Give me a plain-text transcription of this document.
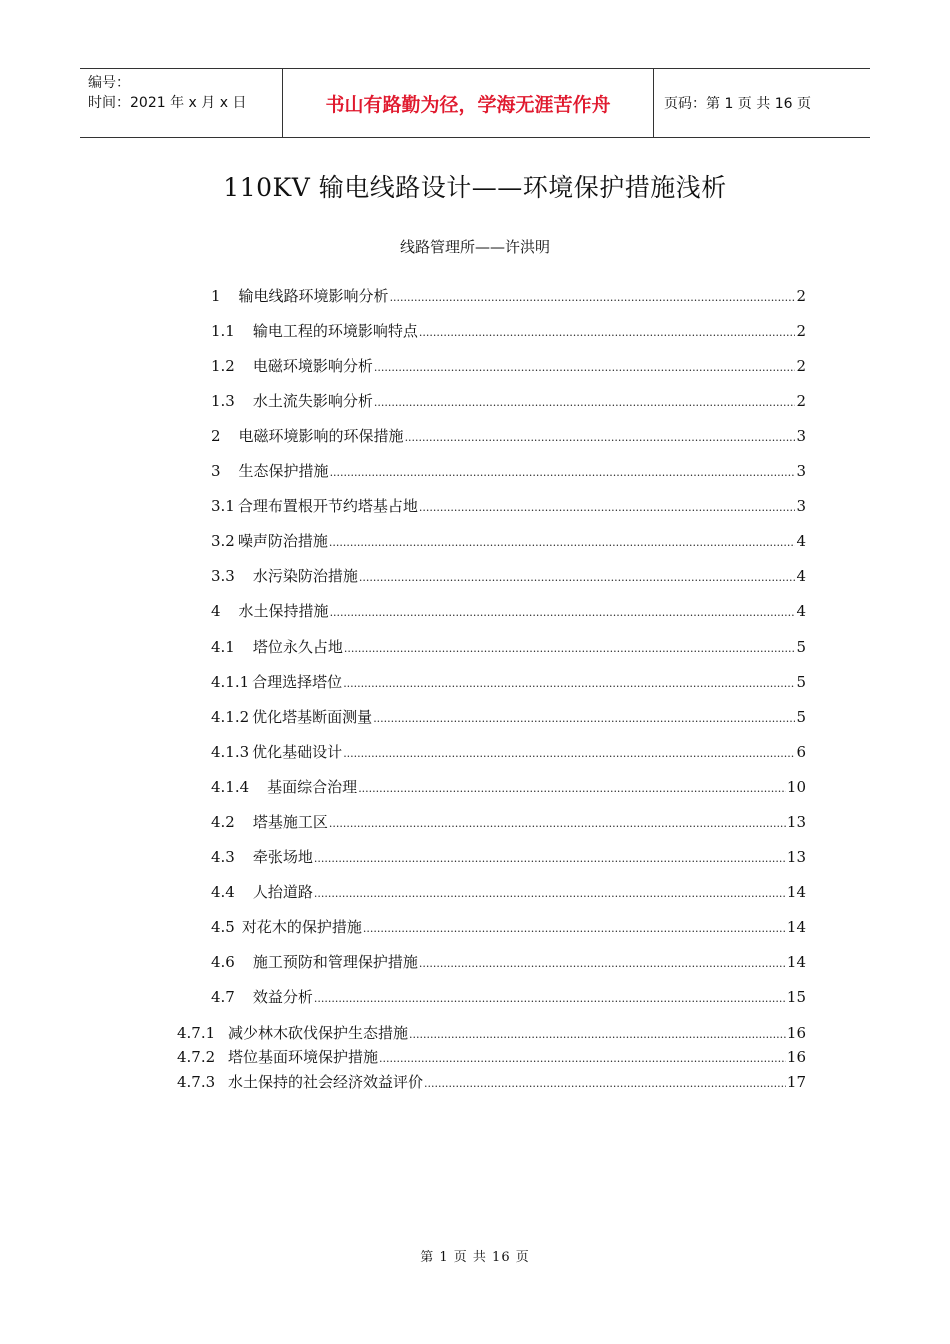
编号：
时间：2021 年 x 月 x 日	书山有路勤为径，学海无涯苦作舟	页码：第 1 页 共 16 页
110KV 输电线路设计——环境保护措施浅析
线路管理所——许洪明
1 输电线路环境影响分析 .....	2
1.1 输电工程的环境影响特点 .....	2
1.2 电磁环境影响分析 .....	2
1.3 水土流失影响分析 .....	2
2 电磁环境影响的环保措施 .....	3
3 生态保护措施 .....	3
3.1 合理布置根开节约塔基占地 .....	3
3.2 噪声防治措施 .....	4
3.3 水污染防治措施 .....	4
4 水土保持措施 .....	4
4.1 塔位永久占地 .....	5
4.1.1 合理选择塔位 .....	5
4.1.2 优化塔基断面测量 .....	5
4.1.3 优化基础设计 .....	6
4.1.4 基面综合治理 .....	10
4.2 塔基施工区 .....	13
4.3 牵张场地 .....	13
4.4 人抬道路 .....	14
4.5 对花木的保护措施 .....	14
4.6 施工预防和管理保护措施 .....	14
4.7 效益分析 .....	15
4.7.1 减少林木砍伐保护生态措施 .....	16
4.7.2 塔位基面环境保护措施 .....	16
4.7.3 水土保持的社会经济效益评价 .....	17
第 1 页 共 16 页
